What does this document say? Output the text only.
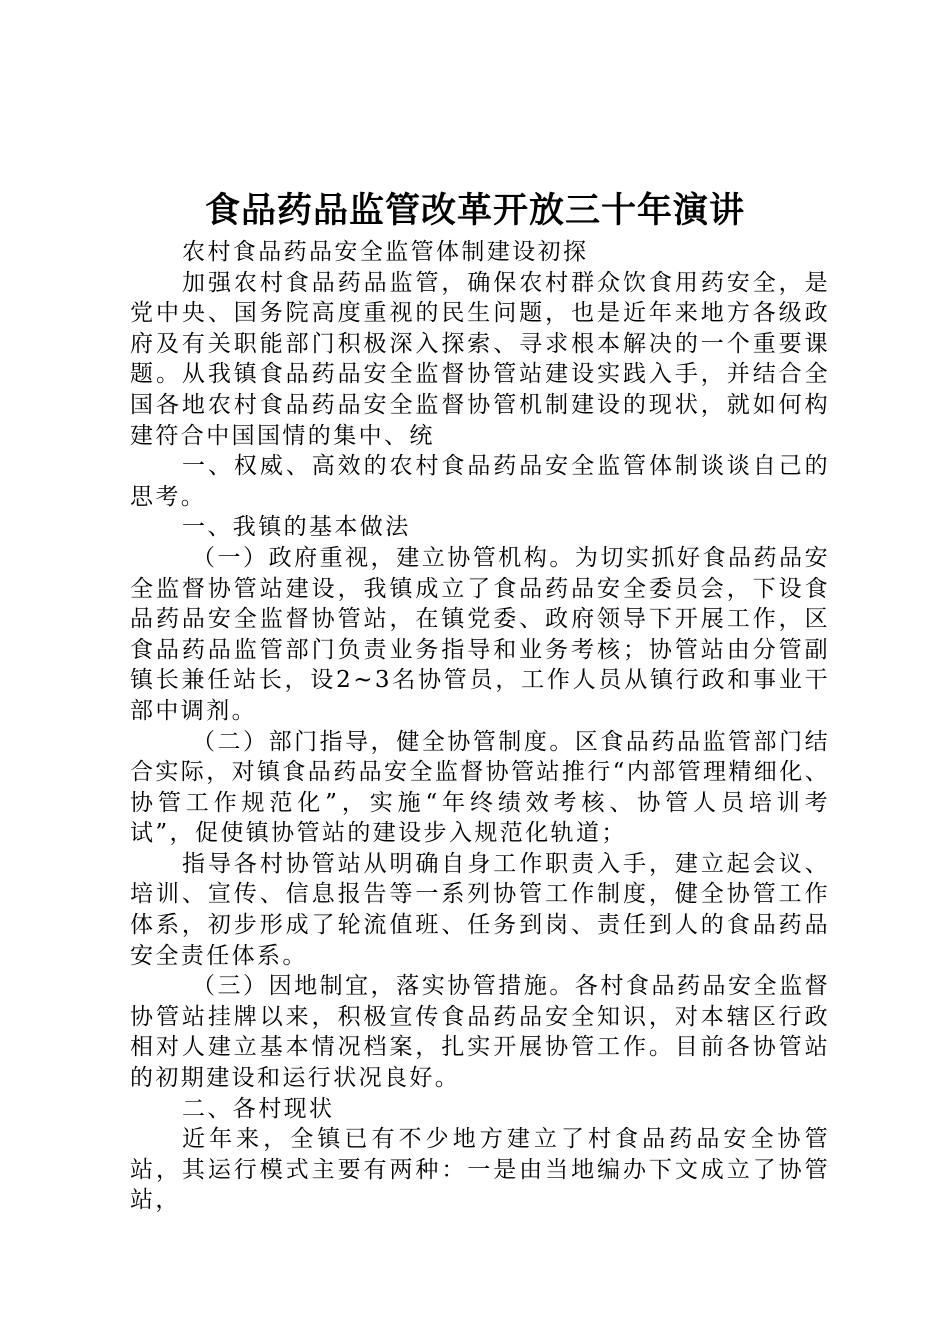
食品药品监管改革开放三十年演讲

农村食品药品安全监管体制建设初探

加强农村食品药品监管，确保农村群众饮食用药安全，是党中央、国务院高度重视的民生问题，也是近年来地方各级政府及有关职能部门积极深入探索、寻求根本解决的一个重要课题。从我镇食品药品安全监督协管站建设实践入手，并结合全国各地农村食品药品安全监督协管机制建设的现状，就如何构建符合中国国情的集中、统

一、权威、高效的农村食品药品安全监管体制谈谈自己的思考。

一、我镇的基本做法

（一）政府重视，建立协管机构。为切实抓好食品药品安全监督协管站建设，我镇成立了食品药品安全委员会，下设食品药品安全监督协管站，在镇党委、政府领导下开展工作，区食品药品监管部门负责业务指导和业务考核；协管站由分管副镇长兼任站长，设2~3名协管员，工作人员从镇行政和事业干部中调剂。

（二）部门指导，健全协管制度。区食品药品监管部门结合实际，对镇食品药品安全监督协管站推行“内部管理精细化、协管工作规范化”，实施“年终绩效考核、协管人员培训考试”，促使镇协管站的建设步入规范化轨道；

指导各村协管站从明确自身工作职责入手，建立起会议、培训、宣传、信息报告等一系列协管工作制度，健全协管工作体系，初步形成了轮流值班、任务到岗、责任到人的食品药品安全责任体系。

（三）因地制宜，落实协管措施。各村食品药品安全监督协管站挂牌以来，积极宣传食品药品安全知识，对本辖区行政相对人建立基本情况档案，扎实开展协管工作。目前各协管站的初期建设和运行状况良好。

二、各村现状

近年来，全镇已有不少地方建立了村食品药品安全协管站，其运行模式主要有两种：一是由当地编办下文成立了协管站，
